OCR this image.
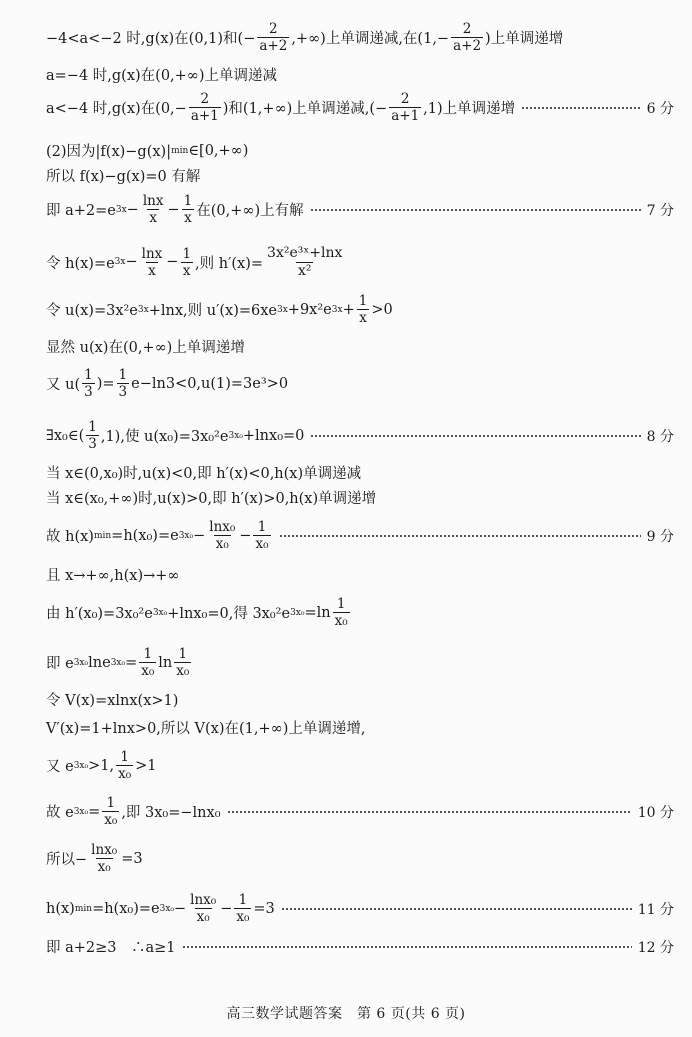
−4<a<−2 时,g(x)在(0,1)和(− $\frac{2}{a+2}$ ,+∞)上单调递减,在($1,- \frac{2}{a+2}$ )上单调递增
a=−4 时,g(x)在(0,+∞)上单调递减
a<−4 时,g(x)在($0,- \frac{2}{a+1}$ )和(1,+∞)上单调递减,(− $\frac{2}{a+1} ,1$)上单调递增	6 分
(2)因为|f(x)−g(x)| min ∈[0,+∞)
所以 f(x)−g(x)=0 有解
即 a+2=e $3x - \frac{\ln x}{x} - \frac{1}{x}$ 在(0,+∞)上有解	7 分
令 h(x)=e $3x - \frac{\ln x}{x} - \frac{1}{x}$ ,则 $h'(x)= \frac{\text{3x²e³ˣ+lnx}}{\text{x²}}$
令 u(x)=3x²e 3x +lnx,则 u′(x)=6xe 3x +9x²e $3x + \frac{1}{x} >0$
显然 u(x)在(0,+∞)上单调递增
又 $u( \frac{1}{3}$ )= $\frac{1}{3} e-\ln 3<0,u(1)=3e^3>0$
∃x₀∈( $\frac{1}{3} ,1$),使 u(x₀)=3x₀²e 3x₀ +lnx₀=0	8 分
当 x∈(0,x₀)时,u(x)<0,即 h′(x)<0,h(x)单调递减
当 x∈(x₀,+∞)时,u(x)>0,即 h′(x)>0,h(x)单调递增
故 h(x) min =h(x₀)=e $3x_0 - \frac{\text{lnx₀}}{\text{x₀}} - \frac{1}{\text{x₀}}$	9 分
且 x→+∞,h(x)→+∞
由 h′(x₀)=3x₀²e 3x₀ +lnx₀=0,得 3x₀²e $3x_0 =\ln \frac{1}{\text{x₀}}$
即 e 3x₀ lne $3x_0 = \frac{1}{\text{x₀}}$ $\ln \frac{1}{\text{x₀}}$
令 V(x)=xlnx(x>1)
V′(x)=1+lnx>0,所以 V(x)在(1,+∞)上单调递增,
又 e 3x₀ >1, $\frac{1}{\text{x₀}} >1$
故 e $3x_0 = \frac{1}{\text{x₀}}$ ,即 3x₀=−lnx₀	10 分
所以− $\frac{\text{lnx₀}}{\text{x₀}} =3$
h(x) min =h(x₀)=e $3x_0 - \frac{\text{lnx₀}}{\text{x₀}} - \frac{1}{\text{x₀}} =3$	11 分
即 a+2≥3　∴a≥1	12 分
高三数学试题答案　第 6 页(共 6 页)
